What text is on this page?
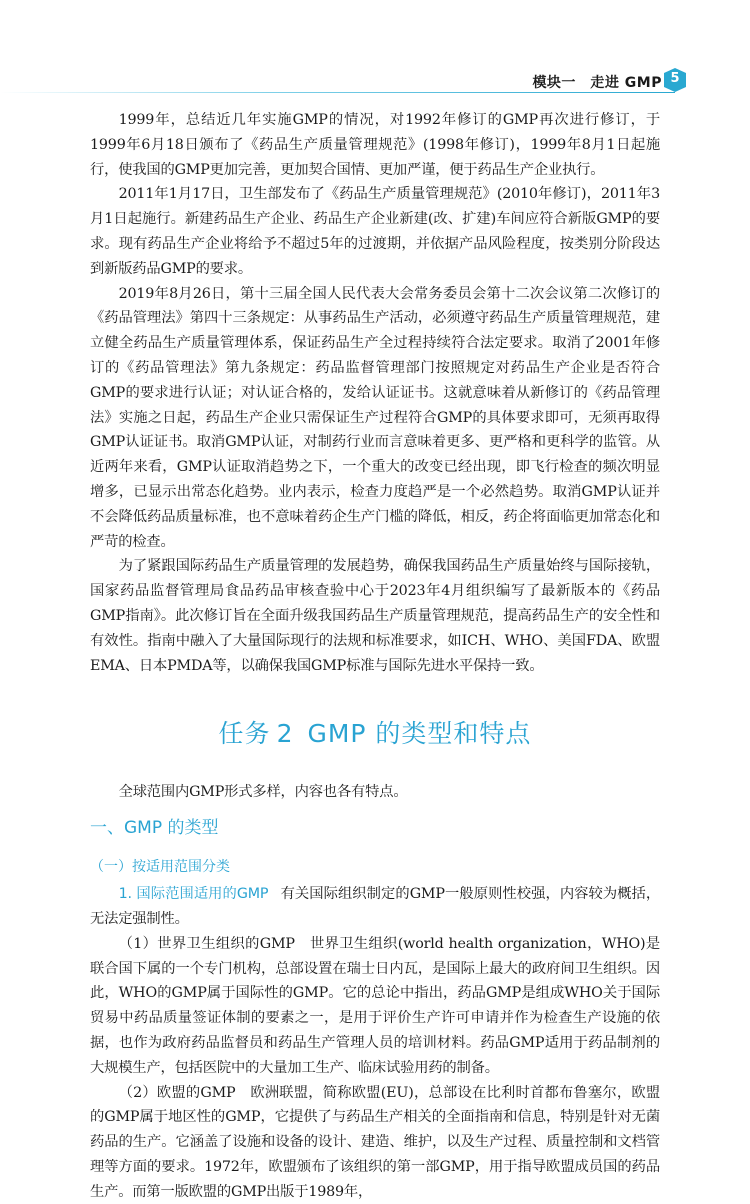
模块一　走进 GMP 5

1999年，总结近几年实施GMP的情况，对1992年修订的GMP再次进行修订，于1999年6月18日颁布了《药品生产质量管理规范》(1998年修订)，1999年8月1日起施行，使我国的GMP更加完善，更加契合国情、更加严谨，便于药品生产企业执行。

2011年1月17日，卫生部发布了《药品生产质量管理规范》(2010年修订)，2011年3月1日起施行。新建药品生产企业、药品生产企业新建(改、扩建)车间应符合新版GMP的要求。现有药品生产企业将给予不超过5年的过渡期，并依据产品风险程度，按类别分阶段达到新版药品GMP的要求。

2019年8月26日，第十三届全国人民代表大会常务委员会第十二次会议第二次修订的《药品管理法》第四十三条规定：从事药品生产活动，必须遵守药品生产质量管理规范，建立健全药品生产质量管理体系，保证药品生产全过程持续符合法定要求。取消了2001年修订的《药品管理法》第九条规定：药品监督管理部门按照规定对药品生产企业是否符合GMP的要求进行认证；对认证合格的，发给认证证书。这就意味着从新修订的《药品管理法》实施之日起，药品生产企业只需保证生产过程符合GMP的具体要求即可，无须再取得GMP认证证书。取消GMP认证，对制药行业而言意味着更多、更严格和更科学的监管。从近两年来看，GMP认证取消趋势之下，一个重大的改变已经出现，即飞行检查的频次明显增多，已显示出常态化趋势。业内表示，检查力度趋严是一个必然趋势。取消GMP认证并不会降低药品质量标准，也不意味着药企生产门槛的降低，相反，药企将面临更加常态化和严苛的检查。

为了紧跟国际药品生产质量管理的发展趋势，确保我国药品生产质量始终与国际接轨，国家药品监督管理局食品药品审核查验中心于2023年4月组织编写了最新版本的《药品GMP指南》。此次修订旨在全面升级我国药品生产质量管理规范，提高药品生产的安全性和有效性。指南中融入了大量国际现行的法规和标准要求，如ICH、WHO、美国FDA、欧盟EMA、日本PMDA等，以确保我国GMP标准与国际先进水平保持一致。

任务 2 GMP 的类型和特点

全球范围内GMP形式多样，内容也各有特点。

一、GMP 的类型
（一）按适用范围分类

1. 国际范围适用的GMP 有关国际组织制定的GMP一般原则性校强，内容较为概括，无法定强制性。

（1）世界卫生组织的GMP　世界卫生组织(world health organization，WHO)是联合国下属的一个专门机构，总部设置在瑞士日内瓦，是国际上最大的政府间卫生组织。因此，WHO的GMP属于国际性的GMP。它的总论中指出，药品GMP是组成WHO关于国际贸易中药品质量签证体制的要素之一，是用于评价生产许可申请并作为检查生产设施的依据，也作为政府药品监督员和药品生产管理人员的培训材料。药品GMP适用于药品制剂的大规模生产，包括医院中的大量加工生产、临床试验用药的制备。

（2）欧盟的GMP　欧洲联盟，简称欧盟(EU)，总部设在比利时首都布鲁塞尔，欧盟的GMP属于地区性的GMP，它提供了与药品生产相关的全面指南和信息，特别是针对无菌药品的生产。它涵盖了设施和设备的设计、建造、维护，以及生产过程、质量控制和文档管理等方面的要求。1972年，欧盟颁布了该组织的第一部GMP，用于指导欧盟成员国的药品生产。而第一版欧盟的GMP出版于1989年，
